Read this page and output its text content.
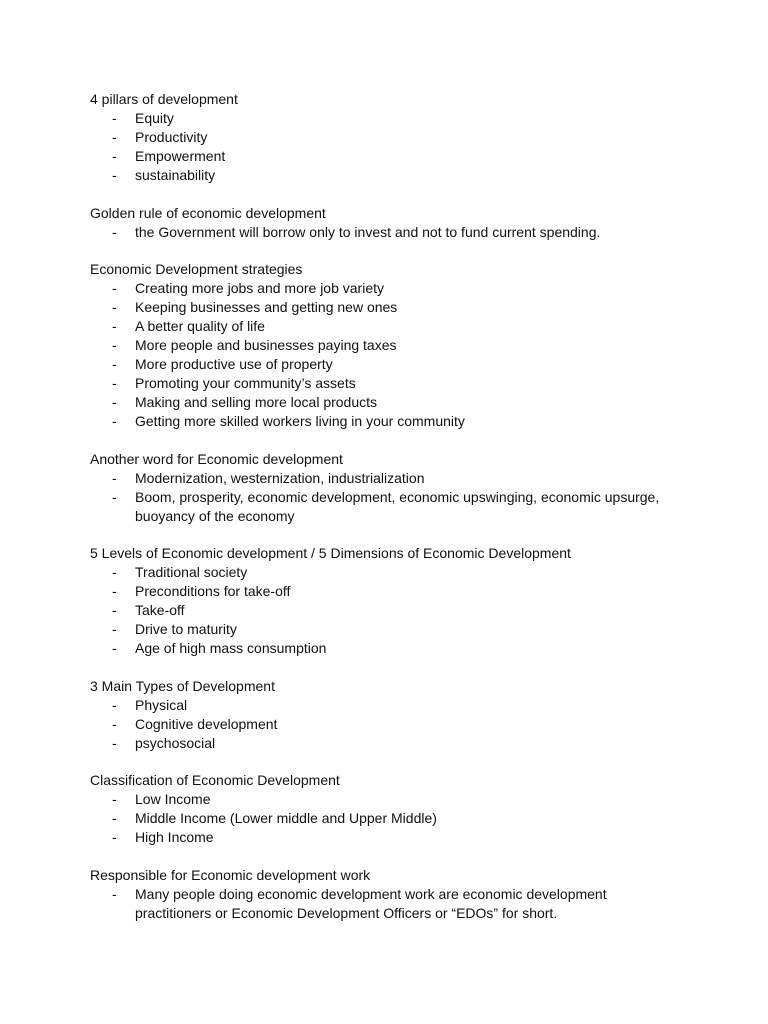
4 pillars of development
- Equity
- Productivity
- Empowerment
- sustainability
Golden rule of economic development
- the Government will borrow only to invest and not to fund current spending.
Economic Development strategies
- Creating more jobs and more job variety
- Keeping businesses and getting new ones
- A better quality of life
- More people and businesses paying taxes
- More productive use of property
- Promoting your community’s assets
- Making and selling more local products
- Getting more skilled workers living in your community
Another word for Economic development
- Modernization, westernization, industrialization
- Boom, prosperity, economic development, economic upswinging, economic upsurge, buoyancy of the economy
5 Levels of Economic development / 5 Dimensions of Economic Development
- Traditional society
- Preconditions for take-off
- Take-off
- Drive to maturity
- Age of high mass consumption
3 Main Types of Development
- Physical
- Cognitive development
- psychosocial
Classification of Economic Development
- Low Income
- Middle Income (Lower middle and Upper Middle)
- High Income
Responsible for Economic development work
- Many people doing economic development work are economic development practitioners or Economic Development Officers or “EDOs” for short.
